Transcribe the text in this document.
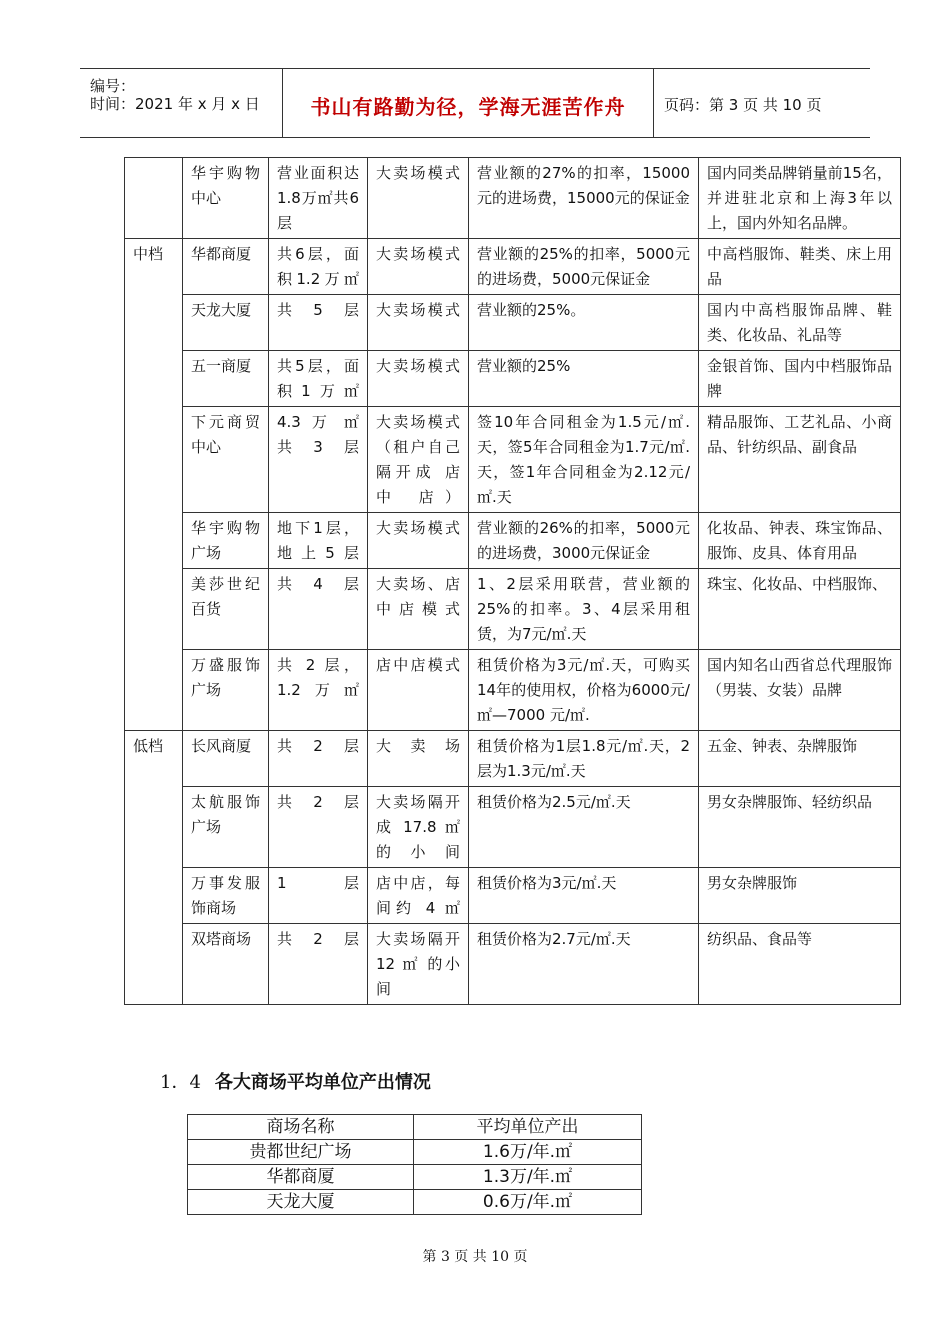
编号：
时间：2021 年 x 月 x 日	书山有路勤为径，学海无涯苦作舟	页码：第 3 页 共 10 页
	华宇购物中心	营业面积达1.8万㎡共6层	大卖场模式	营业额的27%的扣率，15000元的进场费，15000元的保证金	国内同类品牌销量前15名，并进驻北京和上海3年以上，国内外知名品牌。
中档	华都商厦	共6层，面积1.2万㎡	大卖场模式	营业额的25%的扣率，5000元的进场费，5000元保证金	中高档服饰、鞋类、床上用品
	天龙大厦	共5层	大卖场模式	营业额的25%。	国内中高档服饰品牌、鞋类、化妆品、礼品等
	五一商厦	共5层，面积1万㎡	大卖场模式	营业额的25%	金银首饰、国内中档服饰品牌
	下元商贸中心	4.3 万 ㎡ 共3层	大卖场模式（租户自己隔开成 店 中 店）	签10年合同租金为1.5元/㎡.天，签5年合同租金为1.7元/㎡.天，签1年合同租金为2.12元/㎡.天	精品服饰、工艺礼品、小商品、针纺织品、副食品
	华宇购物广场	地下1层，地上5层	大卖场模式	营业额的26%的扣率，5000元的进场费，3000元保证金	化妆品、钟表、珠宝饰品、服饰、皮具、体育用品
	美莎世纪百货	共4层	大卖场、店中店模式	1、2层采用联营，营业额的25%的扣率。3、4层采用租赁，为7元/㎡.天	珠宝、化妆品、中档服饰、
	万盛服饰广场	共 2 层，1.2万㎡	店中店模式	租赁价格为3元/㎡.天，可购买14年的使用权，价格为6000元/㎡—7000 元/㎡.	国内知名山西省总代理服饰（男装、女装）品牌
低档	长风商厦	共2层	大卖场	租赁价格为1层1.8元/㎡.天，2层为1.3元/㎡.天	五金、钟表、杂牌服饰
	太航服饰广场	共2层	大卖场隔开成 17.8 ㎡的小间	租赁价格为2.5元/㎡.天	男女杂牌服饰、轻纺织品
	万事发服饰商场	1层	店中店，每间约 4 ㎡	租赁价格为3元/㎡.天	男女杂牌服饰
	双塔商场	共2层	大卖场隔开 12 ㎡ 的小间	租赁价格为2.7元/㎡.天	纺织品、食品等
1．4 各大商场平均单位产出情况
商场名称	平均单位产出
贵都世纪广场	1.6万/年.㎡
华都商厦	1.3万/年.㎡
天龙大厦	0.6万/年.㎡
第 3 页 共 10 页
